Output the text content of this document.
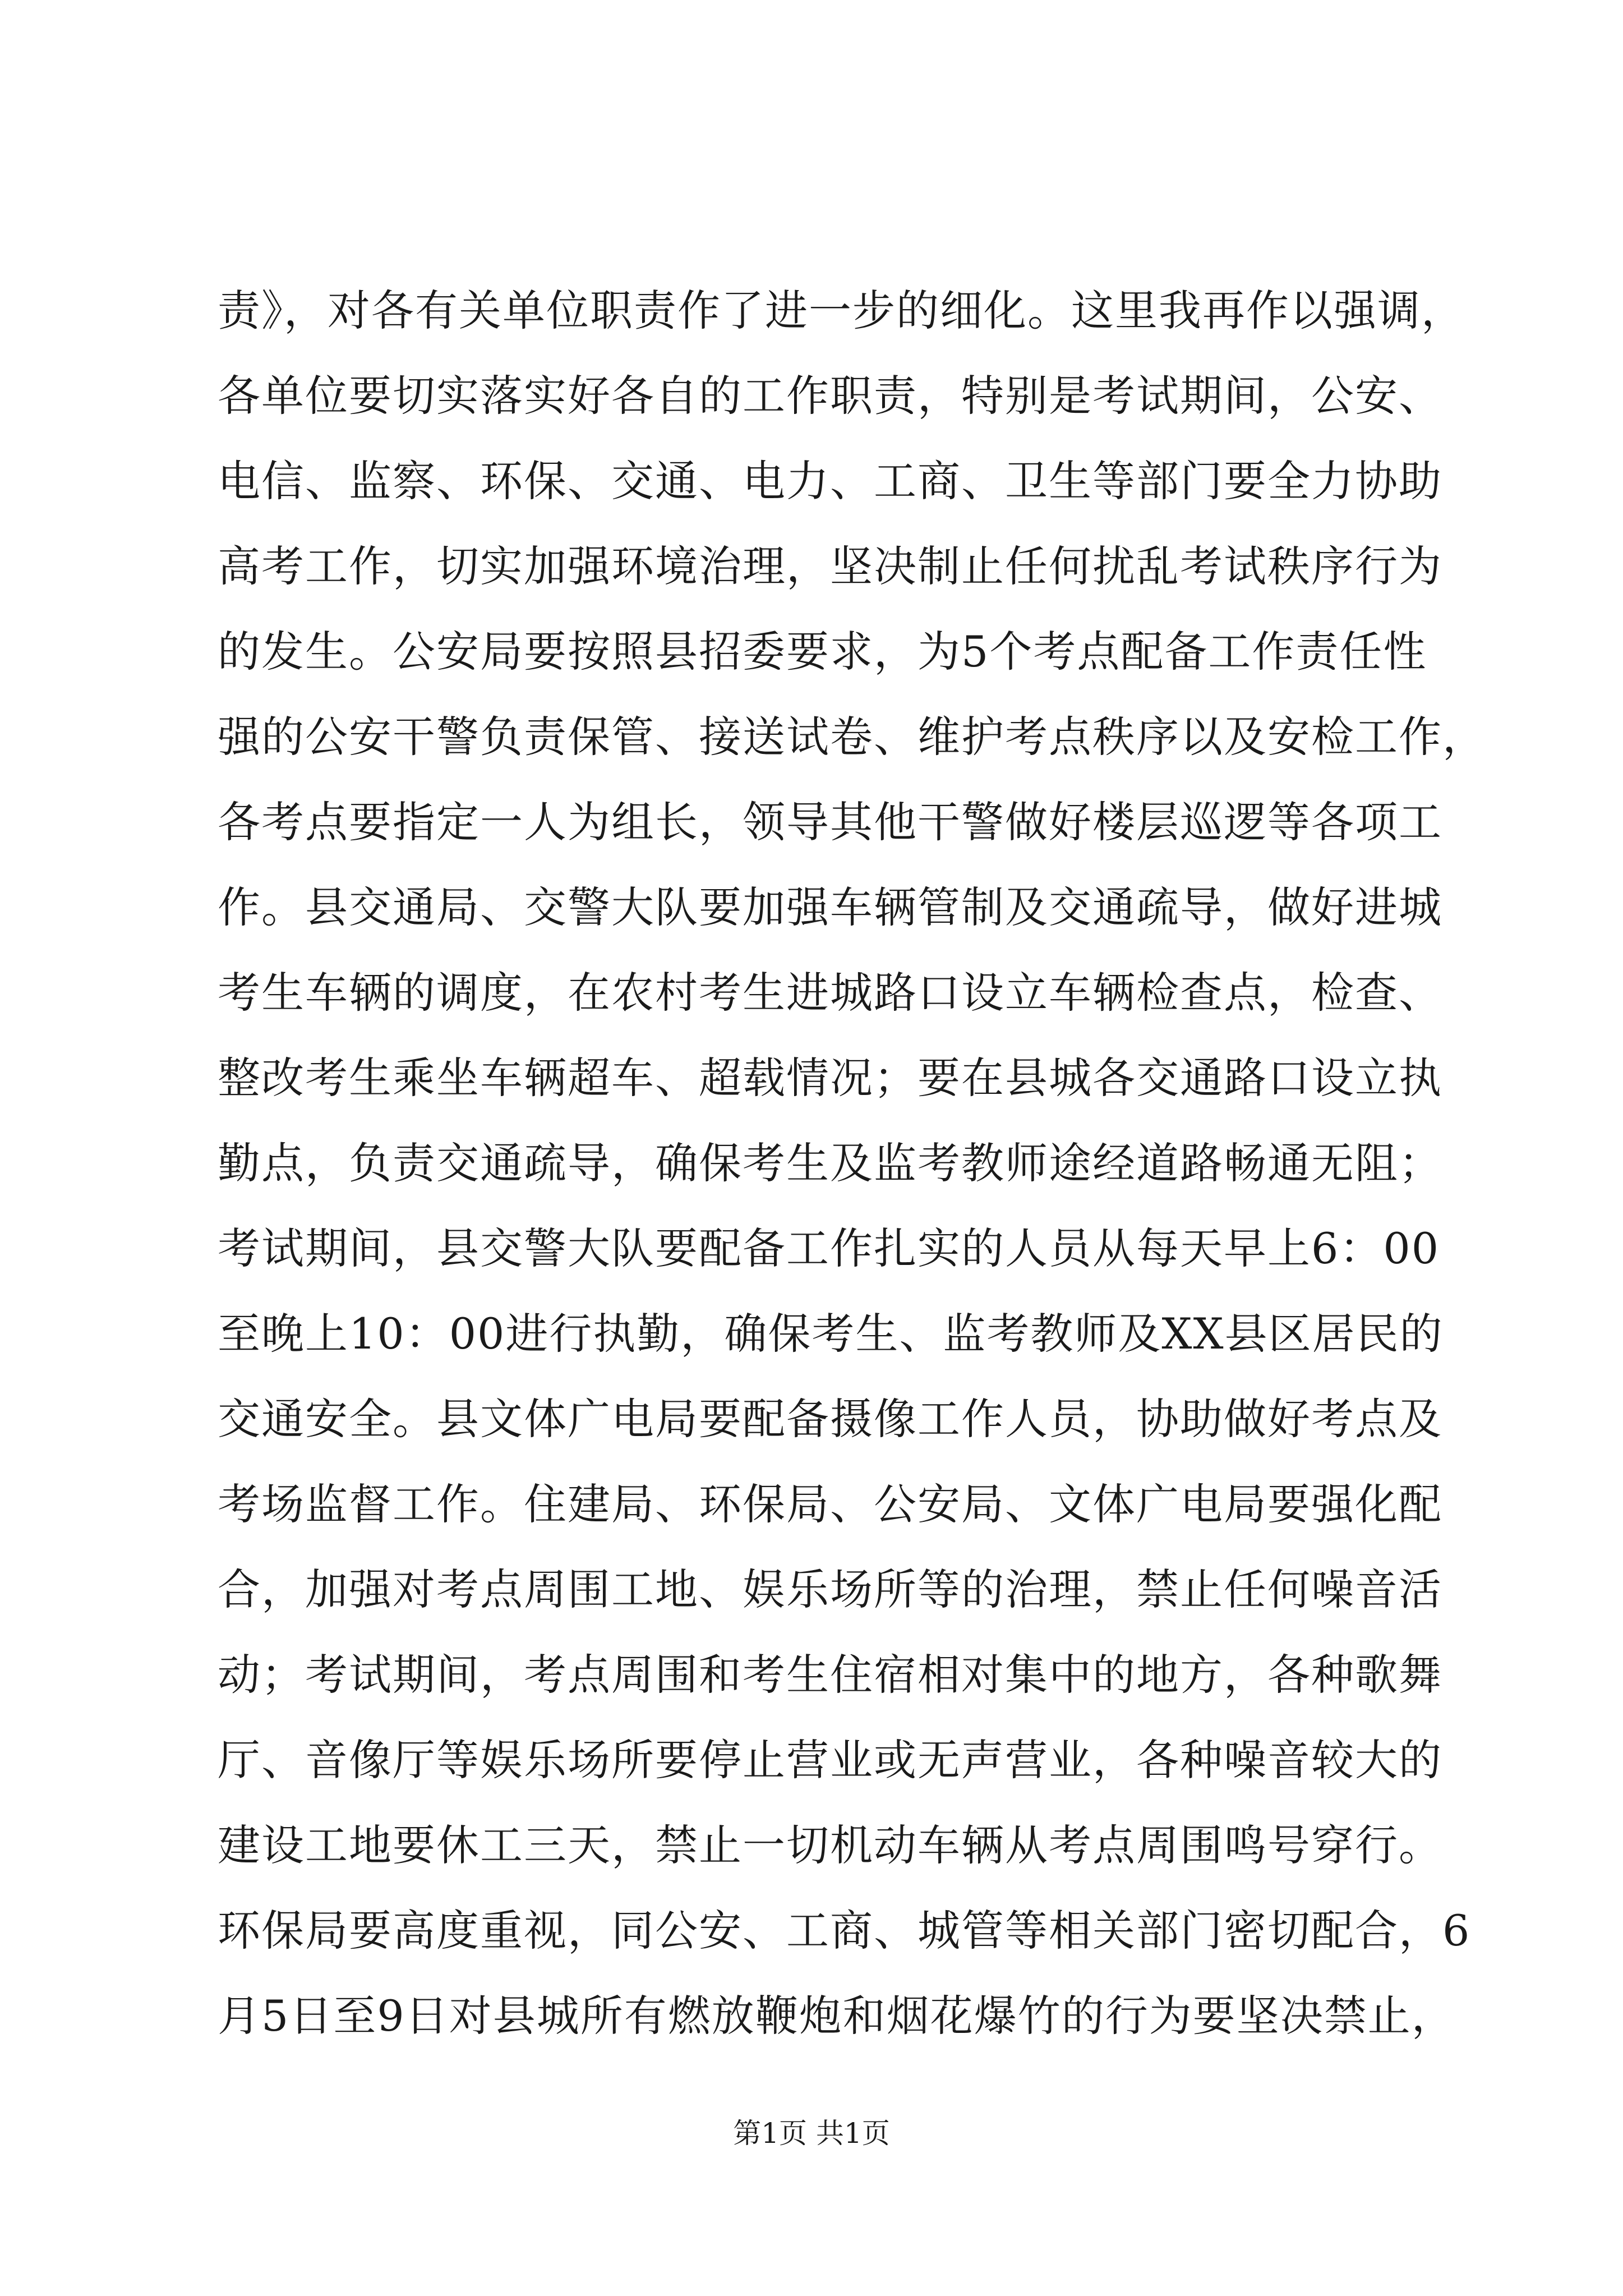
责》，对各有关单位职责作了进一步的细化。这里我再作以强调，
各单位要切实落实好各自的工作职责，特别是考试期间，公安、
电信、监察、环保、交通、电力、工商、卫生等部门要全力协助
高考工作，切实加强环境治理，坚决制止任何扰乱考试秩序行为
的发生。公安局要按照县招委要求，为5个考点配备工作责任性
强的公安干警负责保管、接送试卷、维护考点秩序以及安检工作，
各考点要指定一人为组长，领导其他干警做好楼层巡逻等各项工
作。县交通局、交警大队要加强车辆管制及交通疏导，做好进城
考生车辆的调度，在农村考生进城路口设立车辆检查点，检查、
整改考生乘坐车辆超车、超载情况；要在县城各交通路口设立执
勤点，负责交通疏导，确保考生及监考教师途经道路畅通无阻；
考试期间，县交警大队要配备工作扎实的人员从每天早上6：00
至晚上10：00进行执勤，确保考生、监考教师及XX县区居民的
交通安全。县文体广电局要配备摄像工作人员，协助做好考点及
考场监督工作。住建局、环保局、公安局、文体广电局要强化配
合，加强对考点周围工地、娱乐场所等的治理，禁止任何噪音活
动；考试期间，考点周围和考生住宿相对集中的地方，各种歌舞
厅、音像厅等娱乐场所要停止营业或无声营业，各种噪音较大的
建设工地要休工三天，禁止一切机动车辆从考点周围鸣号穿行。
环保局要高度重视，同公安、工商、城管等相关部门密切配合，6
月5日至9日对县城所有燃放鞭炮和烟花爆竹的行为要坚决禁止，
第1页 共1页
